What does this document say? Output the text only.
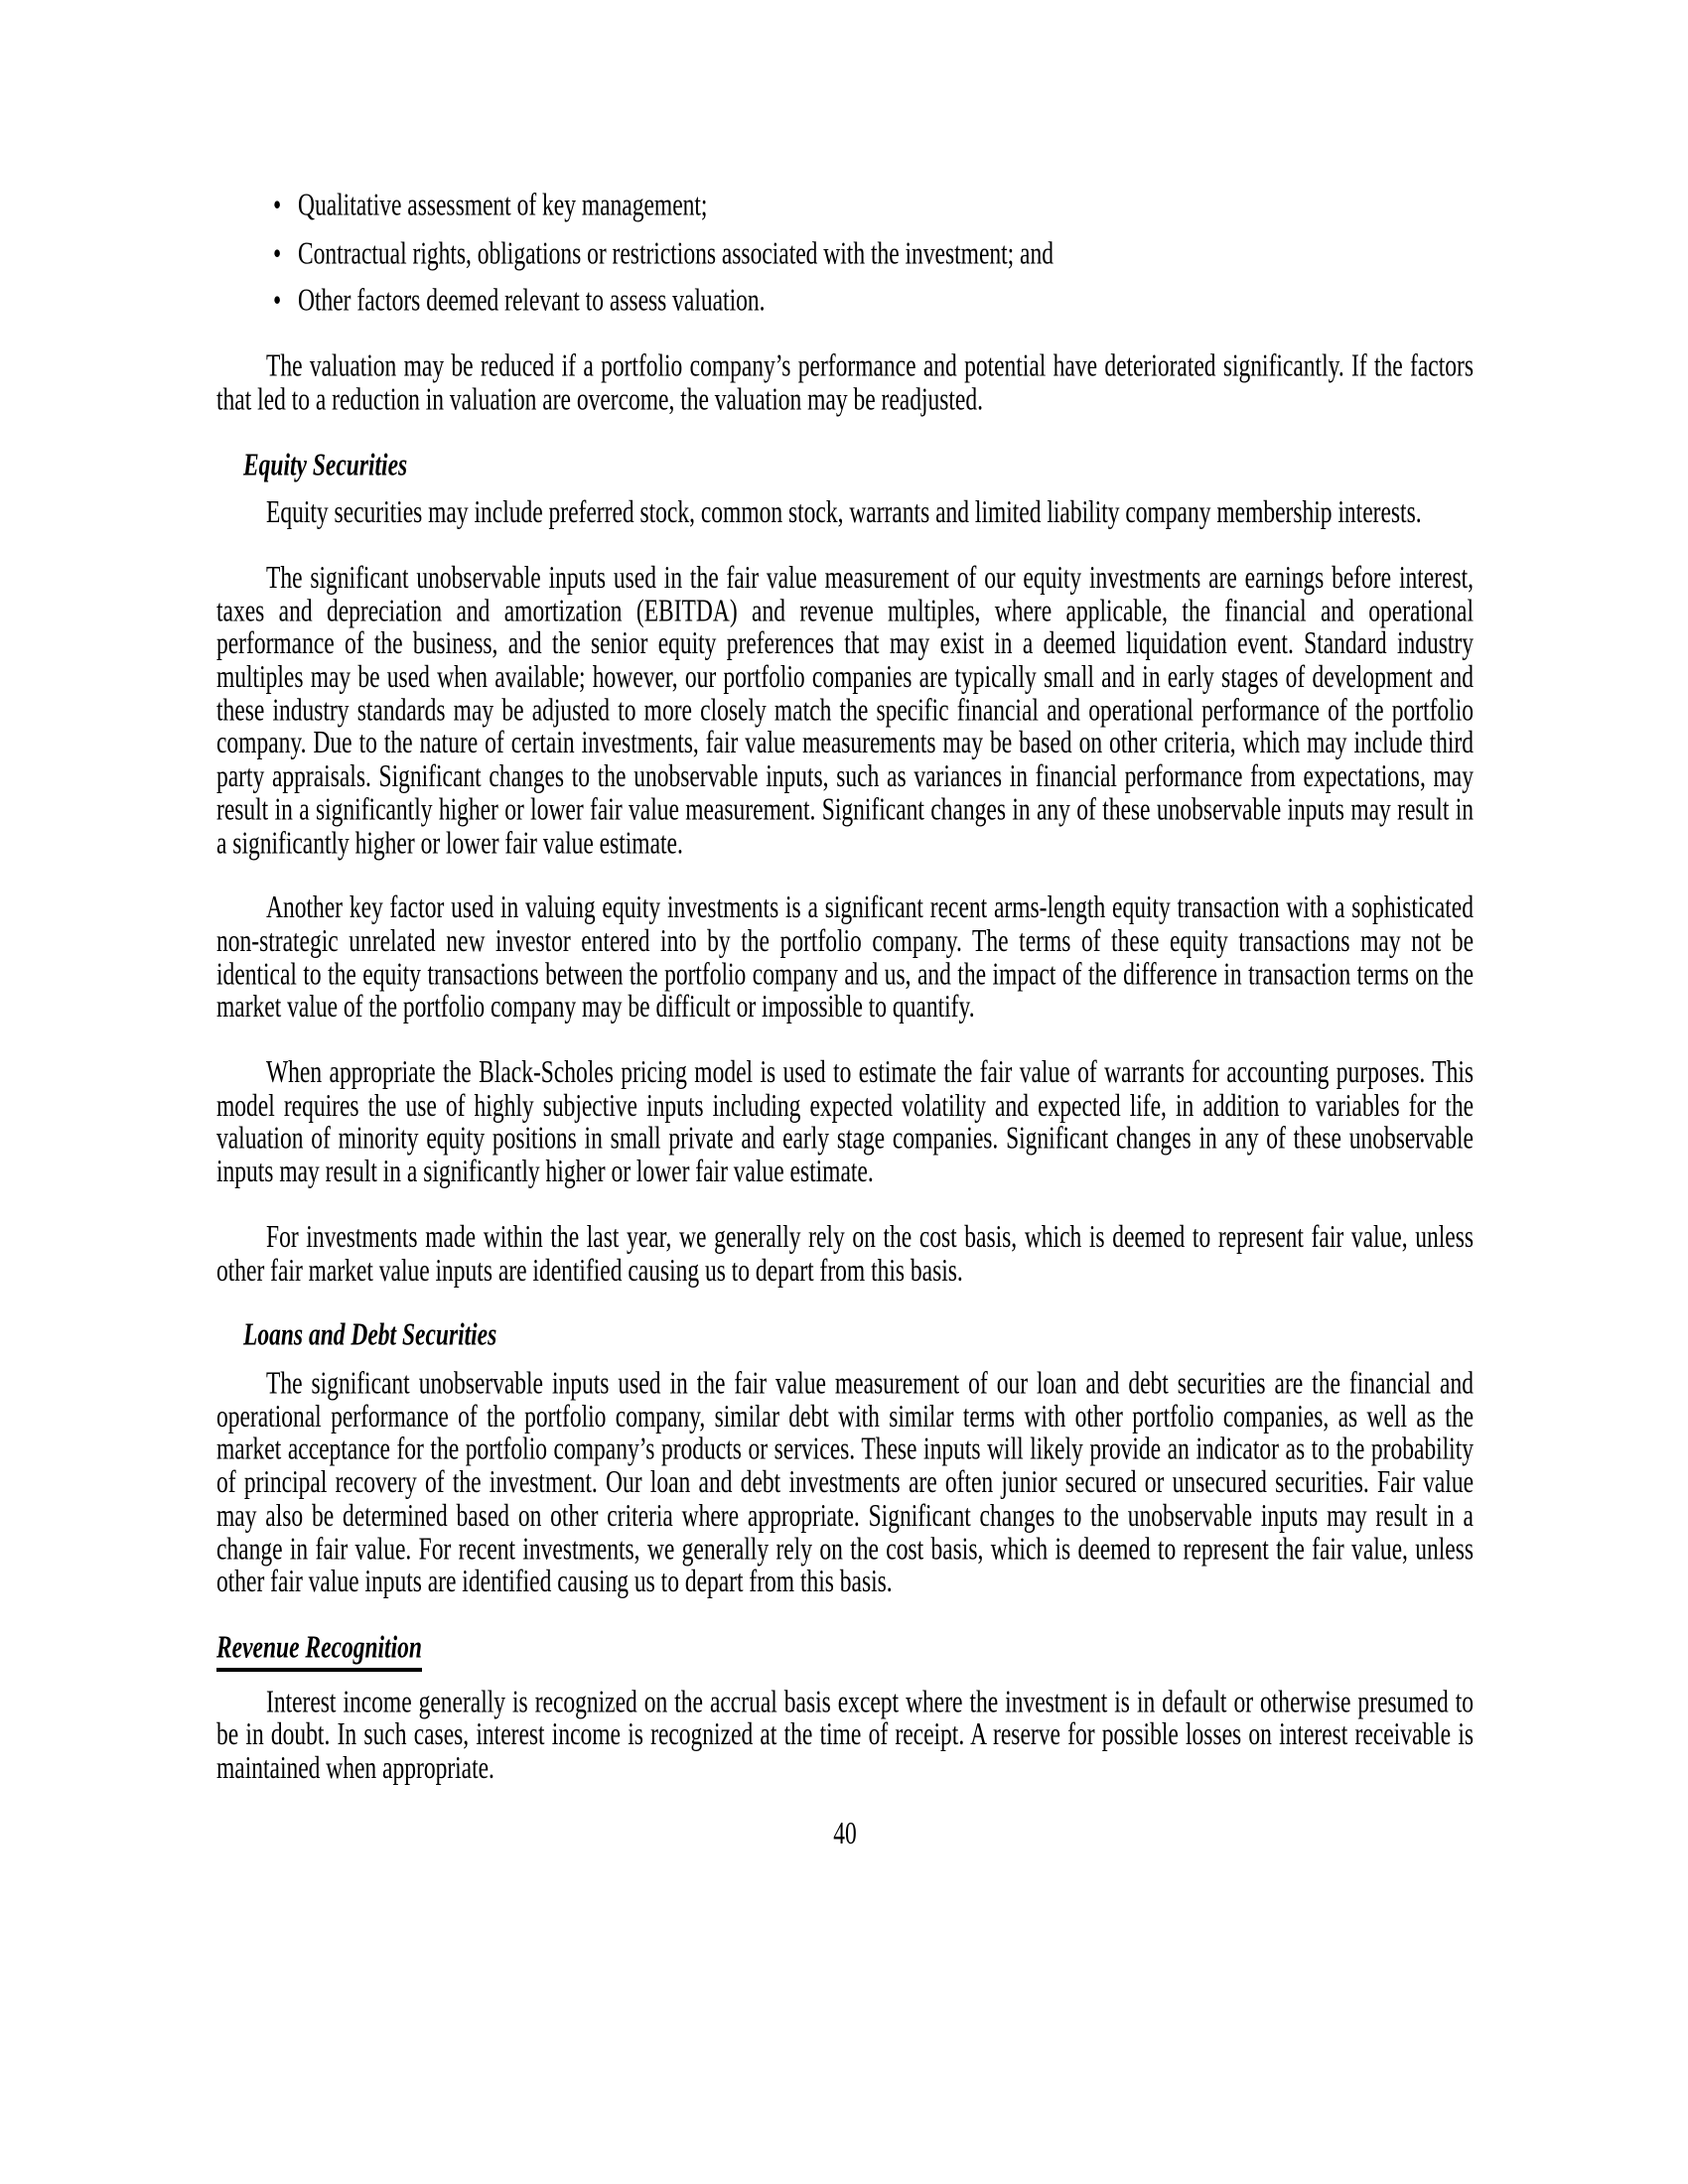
• Qualitative assessment of key management;
• Contractual rights, obligations or restrictions associated with the investment; and
• Other factors deemed relevant to assess valuation.

The valuation may be reduced if a portfolio company’s performance and potential have deteriorated significantly. If the factors that led to a reduction in valuation are overcome, the valuation may be readjusted.

Equity Securities

Equity securities may include preferred stock, common stock, warrants and limited liability company membership interests.

The significant unobservable inputs used in the fair value measurement of our equity investments are earnings before interest, taxes and depreciation and amortization (EBITDA) and revenue multiples, where applicable, the financial and operational performance of the business, and the senior equity preferences that may exist in a deemed liquidation event. Standard industry multiples may be used when available; however, our portfolio companies are typically small and in early stages of development and these industry standards may be adjusted to more closely match the specific financial and operational performance of the portfolio company. Due to the nature of certain investments, fair value measurements may be based on other criteria, which may include third party appraisals. Significant changes to the unobservable inputs, such as variances in financial performance from expectations, may result in a significantly higher or lower fair value measurement. Significant changes in any of these unobservable inputs may result in a significantly higher or lower fair value estimate.

Another key factor used in valuing equity investments is a significant recent arms-length equity transaction with a sophisticated non-strategic unrelated new investor entered into by the portfolio company. The terms of these equity transactions may not be identical to the equity transactions between the portfolio company and us, and the impact of the difference in transaction terms on the market value of the portfolio company may be difficult or impossible to quantify.

When appropriate the Black-Scholes pricing model is used to estimate the fair value of warrants for accounting purposes. This model requires the use of highly subjective inputs including expected volatility and expected life, in addition to variables for the valuation of minority equity positions in small private and early stage companies. Significant changes in any of these unobservable inputs may result in a significantly higher or lower fair value estimate.

For investments made within the last year, we generally rely on the cost basis, which is deemed to represent fair value, unless other fair market value inputs are identified causing us to depart from this basis.

Loans and Debt Securities

The significant unobservable inputs used in the fair value measurement of our loan and debt securities are the financial and operational performance of the portfolio company, similar debt with similar terms with other portfolio companies, as well as the market acceptance for the portfolio company’s products or services. These inputs will likely provide an indicator as to the probability of principal recovery of the investment. Our loan and debt investments are often junior secured or unsecured securities. Fair value may also be determined based on other criteria where appropriate. Significant changes to the unobservable inputs may result in a change in fair value. For recent investments, we generally rely on the cost basis, which is deemed to represent the fair value, unless other fair value inputs are identified causing us to depart from this basis.

Revenue Recognition

Interest income generally is recognized on the accrual basis except where the investment is in default or otherwise presumed to be in doubt. In such cases, interest income is recognized at the time of receipt. A reserve for possible losses on interest receivable is maintained when appropriate.

40
